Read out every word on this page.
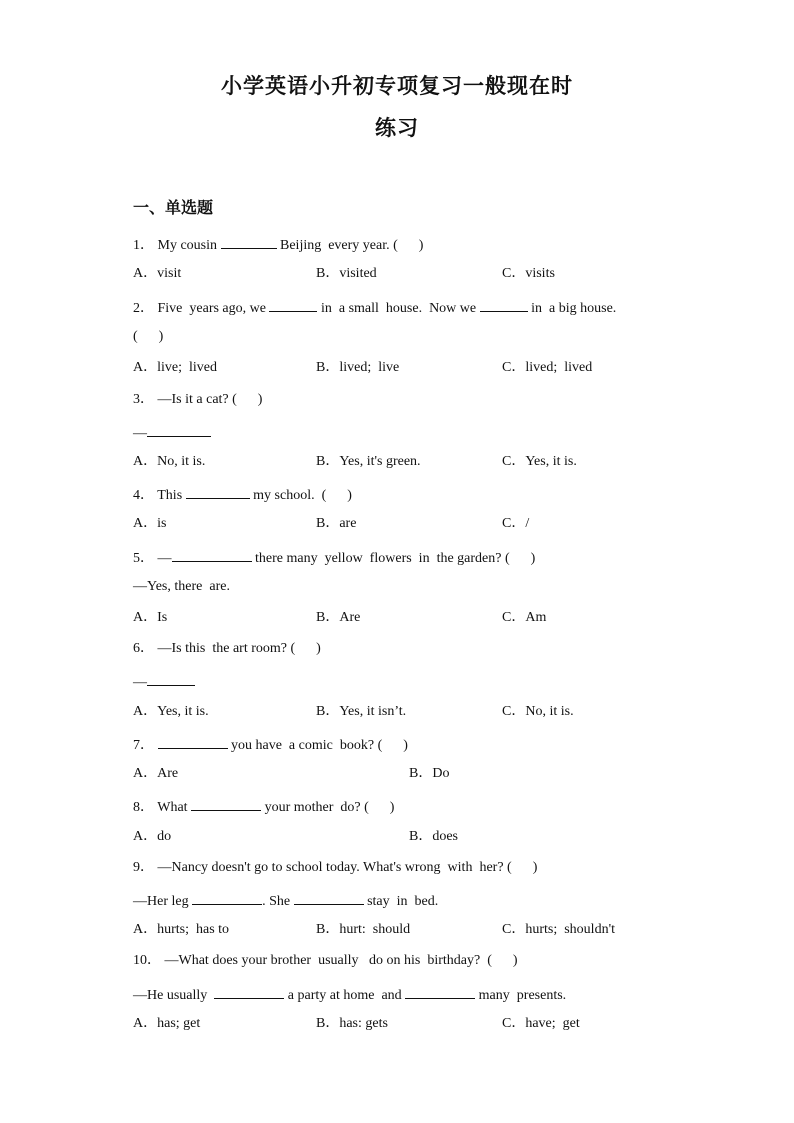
小学英语小升初专项复习一般现在时
练习
一、单选题
1． My cousin	Beijing  every year. (      )
A．visit	B．visited	C．visits
2． Five  years ago, we	in  a small  house.  Now we	in  a big house.
(      )
A．live;  lived	B．lived;  live	C．lived;  lived
3． —Is it a cat? (      )
—
A．No, it is.	B．Yes, it's green.	C．Yes, it is.
4． This	my school.  (      )
A．is	B．are	C．/
5． —	there many  yellow  flowers  in  the garden? (      )
—Yes, there  are.
A．Is	B．Are	C．Am
6． —Is this  the art room? (      )
—
A．Yes, it is.	B．Yes, it isn’t.	C．No, it is.
7．	you have  a comic  book? (      )
A．Are	B．Do
8． What	your mother  do? (      )
A．do	B．does
9． —Nancy doesn't go to school today. What's wrong  with  her? (      )
—Her leg	. She	stay  in  bed.
A．hurts;  has to	B．hurt:  should	C．hurts;  shouldn't
10． —What does your brother  usually   do on his  birthday?  (      )
—He usually	a party at home  and	many  presents.
A．has; get	B．has: gets	C．have;  get
